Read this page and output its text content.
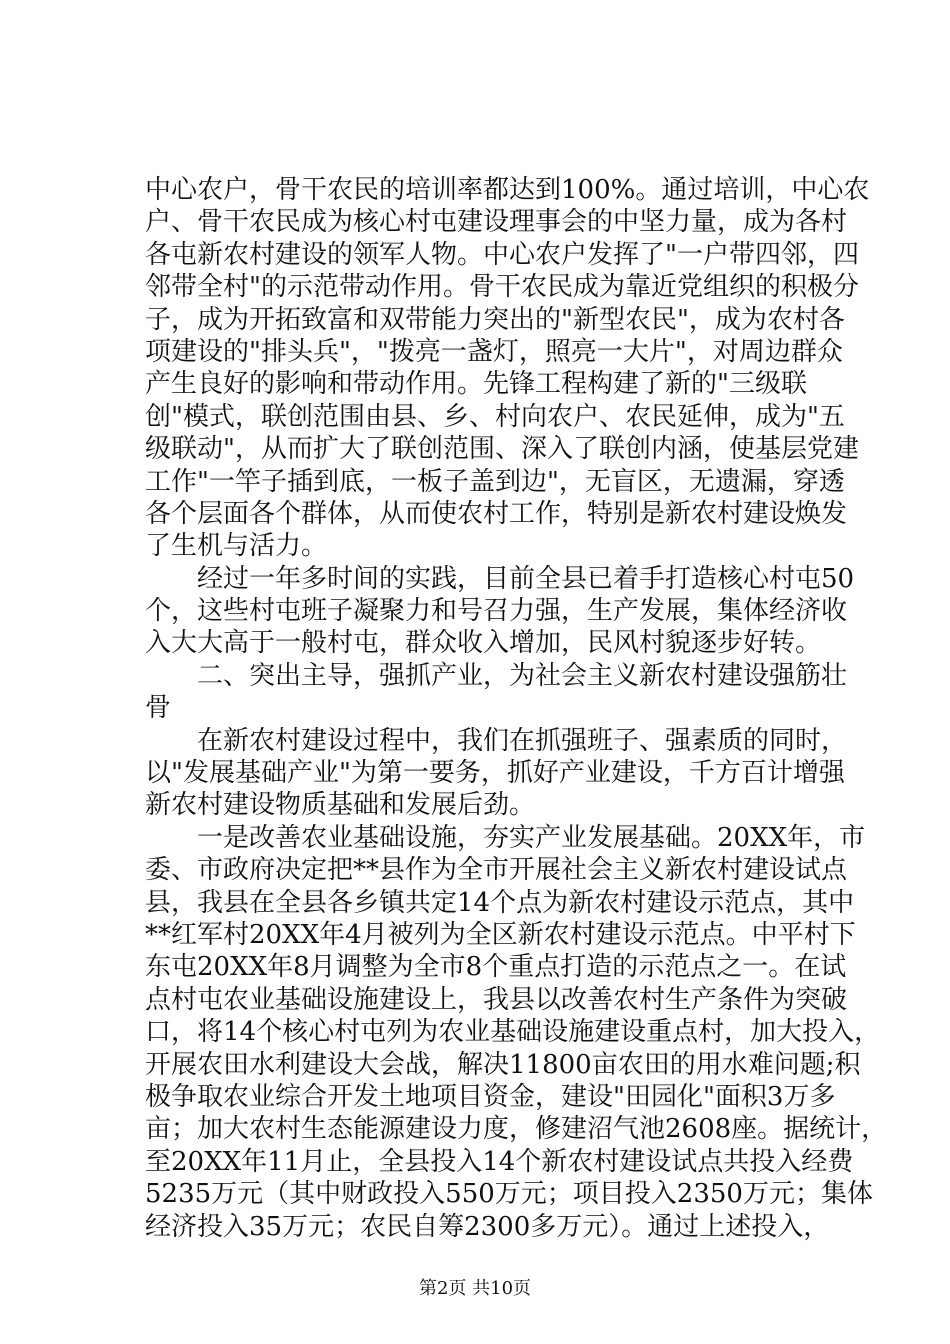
中心农户，骨干农民的培训率都达到100%。通过培训，中心农
户、骨干农民成为核心村屯建设理事会的中坚力量，成为各村
各屯新农村建设的领军人物。中心农户发挥了"一户带四邻，四
邻带全村"的示范带动作用。骨干农民成为靠近党组织的积极分
子，成为开拓致富和双带能力突出的"新型农民"，成为农村各
项建设的"排头兵"，"拨亮一盏灯，照亮一大片"，对周边群众
产生良好的影响和带动作用。先锋工程构建了新的"三级联
创"模式，联创范围由县、乡、村向农户、农民延伸，成为"五
级联动"，从而扩大了联创范围、深入了联创内涵，使基层党建
工作"一竿子插到底，一板子盖到边"，无盲区，无遗漏，穿透
各个层面各个群体，从而使农村工作，特别是新农村建设焕发
了生机与活力。
经过一年多时间的实践，目前全县已着手打造核心村屯50
个，这些村屯班子凝聚力和号召力强，生产发展，集体经济收
入大大高于一般村屯，群众收入增加，民风村貌逐步好转。
二、突出主导，强抓产业，为社会主义新农村建设强筋壮
骨
在新农村建设过程中，我们在抓强班子、强素质的同时，
以"发展基础产业"为第一要务，抓好产业建设，千方百计增强
新农村建设物质基础和发展后劲。
一是改善农业基础设施，夯实产业发展基础。20XX年，市
委、市政府决定把**县作为全市开展社会主义新农村建设试点
县，我县在全县各乡镇共定14个点为新农村建设示范点，其中
**红军村20XX年4月被列为全区新农村建设示范点。中平村下
东屯20XX年8月调整为全市8个重点打造的示范点之一。在试
点村屯农业基础设施建设上，我县以改善农村生产条件为突破
口，将14个核心村屯列为农业基础设施建设重点村，加大投入，
开展农田水利建设大会战，解决11800亩农田的用水难问题;积
极争取农业综合开发土地项目资金，建设"田园化"面积3万多
亩；加大农村生态能源建设力度，修建沼气池2608座。据统计，
至20XX年11月止，全县投入14个新农村建设试点共投入经费
5235万元（其中财政投入550万元；项目投入2350万元；集体
经济投入35万元；农民自筹2300多万元）。通过上述投入，
第2页 共10页
